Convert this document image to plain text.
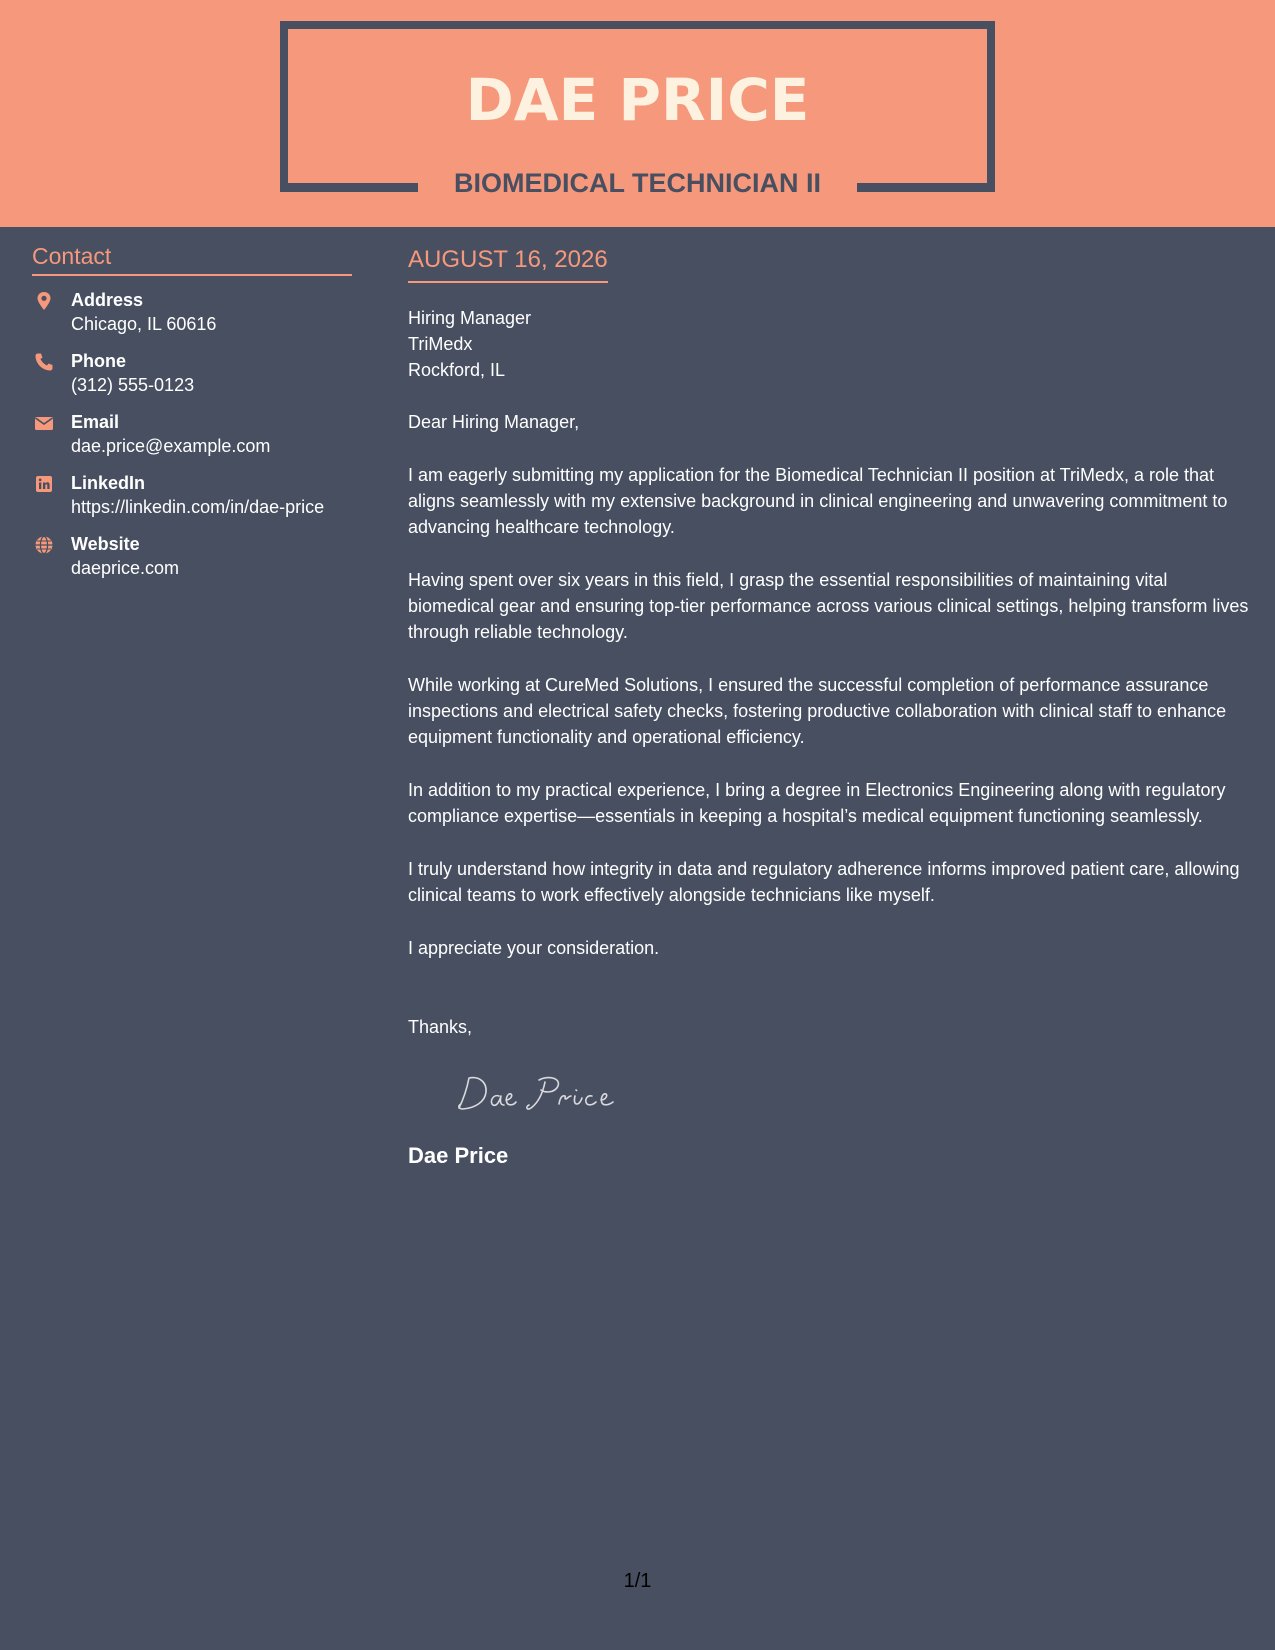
DAE PRICE
BIOMEDICAL TECHNICIAN II
Contact
Address
Chicago, IL 60616
Phone
(312) 555-0123
Email
dae.price@example.com
LinkedIn
https://linkedin.com/in/dae-price
Website
daeprice.com
AUGUST 16, 2026
Hiring Manager
TriMedx
Rockford, IL
Dear Hiring Manager,
I am eagerly submitting my application for the Biomedical Technician II position at TriMedx, a role that aligns seamlessly with my extensive background in clinical engineering and unwavering commitment to advancing healthcare technology.
Having spent over six years in this field, I grasp the essential responsibilities of maintaining vital biomedical gear and ensuring top-tier performance across various clinical settings, helping transform lives through reliable technology.
While working at CureMed Solutions, I ensured the successful completion of performance assurance inspections and electrical safety checks, fostering productive collaboration with clinical staff to enhance equipment functionality and operational efficiency.
In addition to my practical experience, I bring a degree in Electronics Engineering along with regulatory compliance expertise—essentials in keeping a hospital’s medical equipment functioning seamlessly.
I truly understand how integrity in data and regulatory adherence informs improved patient care, allowing clinical teams to work effectively alongside technicians like myself.
I appreciate your consideration.
Thanks,
Dae Price
1/1
